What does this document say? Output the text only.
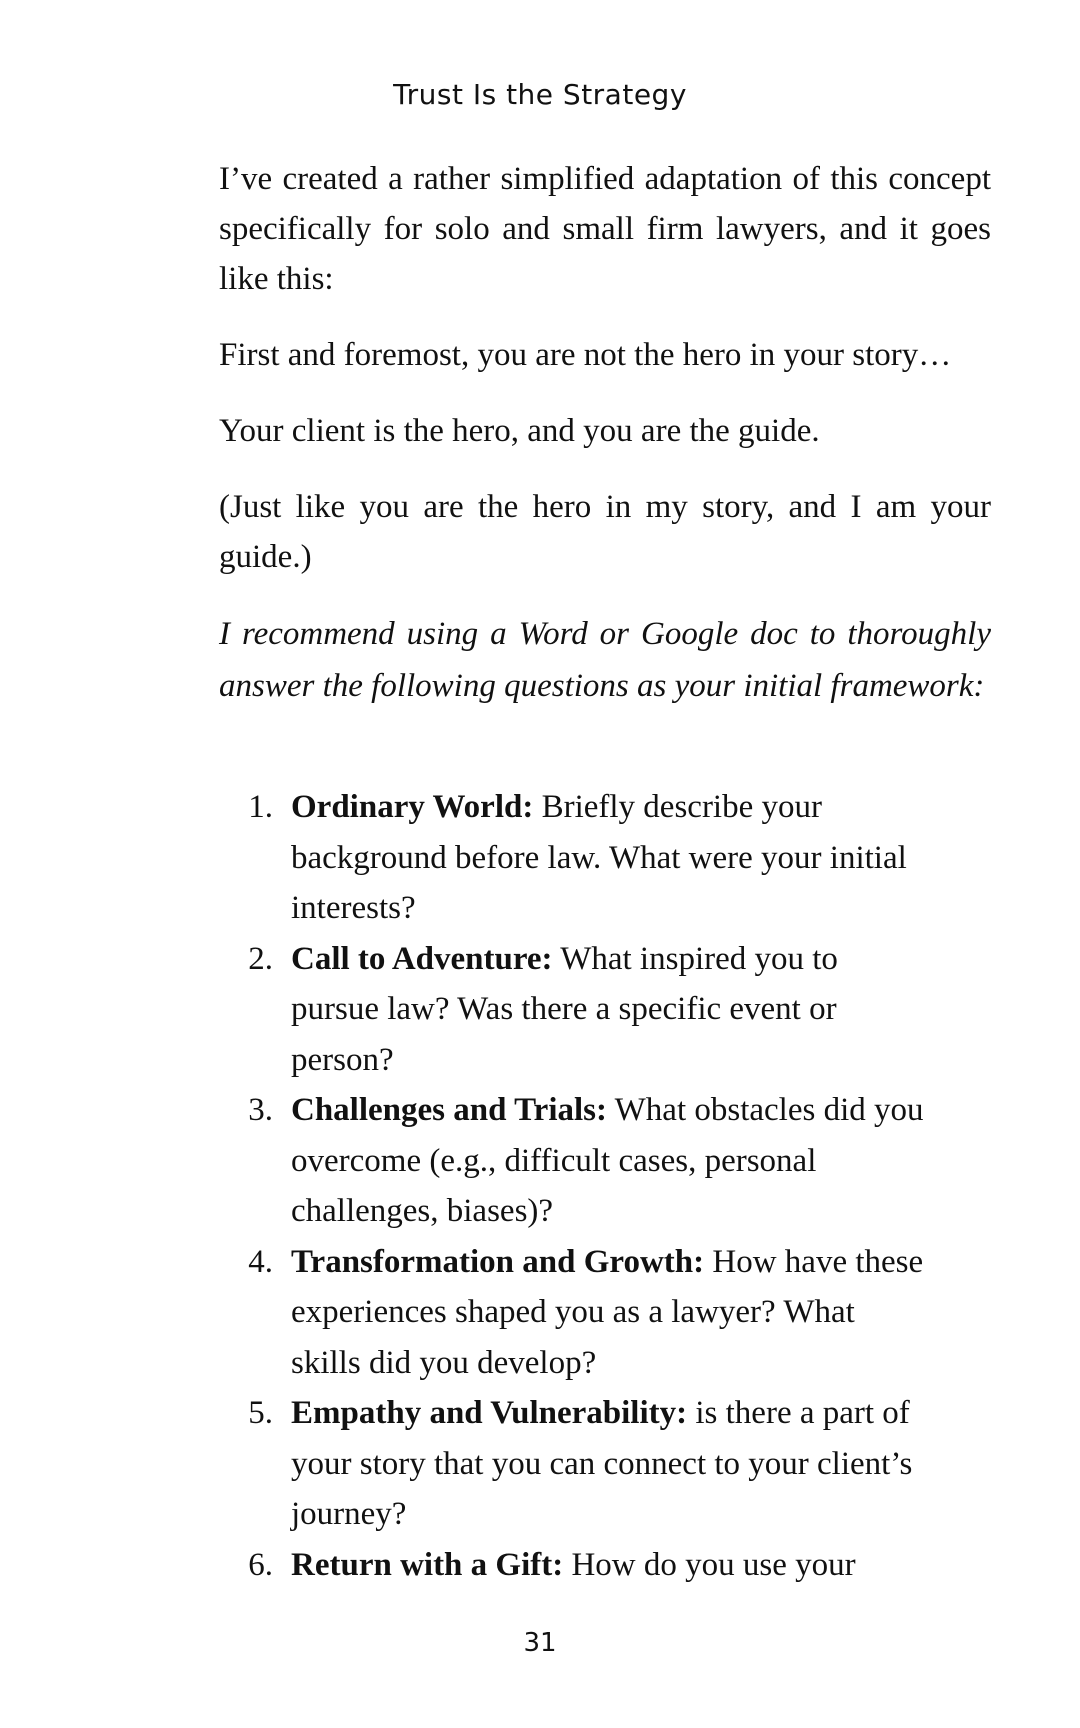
Trust Is the Strategy

I’ve created a rather simplified adaptation of this concept specifically for solo and small firm lawyers, and it goes like this:

First and foremost, you are not the hero in your story…

Your client is the hero, and you are the guide.

(Just like you are the hero in my story, and I am your guide.)

I recommend using a Word or Google doc to thoroughly answer the following questions as your initial framework:

1. Ordinary World: Briefly describe your background before law. What were your initial interests?
2. Call to Adventure: What inspired you to pursue law? Was there a specific event or person?
3. Challenges and Trials: What obstacles did you overcome (e.g., difficult cases, personal challenges, biases)?
4. Transformation and Growth: How have these experiences shaped you as a lawyer? What skills did you develop?
5. Empathy and Vulnerability: is there a part of your story that you can connect to your client’s journey?
6. Return with a Gift: How do you use your
31
